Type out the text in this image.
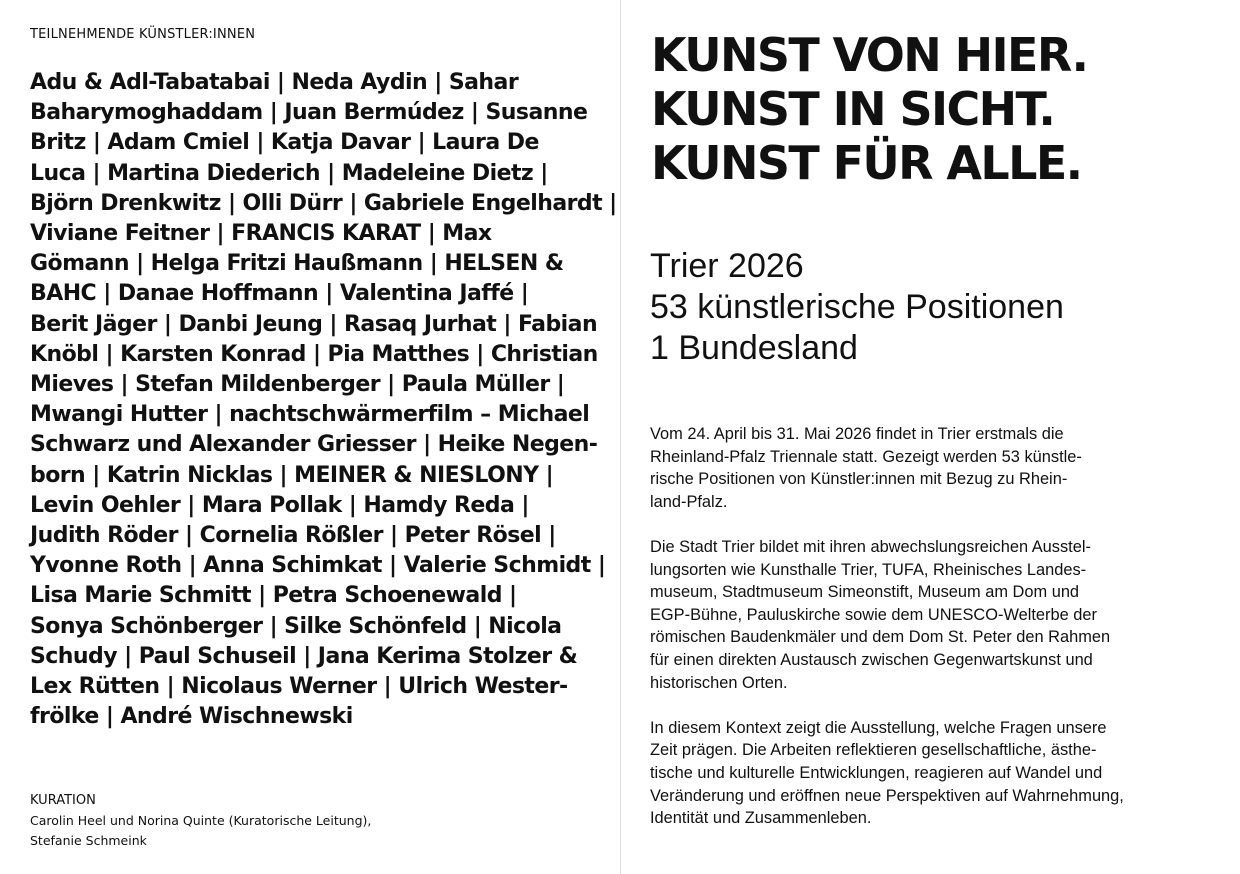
TEILNEHMENDE KÜNSTLER:INNEN
Adu & Adl-Tabatabai | Neda Aydin | Sahar
Baharymoghaddam | Juan Bermúdez | Susanne
Britz | Adam Cmiel | Katja Davar | Laura De
Luca | Martina Diederich | Madeleine Dietz |
Björn Drenkwitz | Olli Dürr | Gabriele Engelhardt |
Viviane Feitner | FRANCIS KARAT | Max
Gömann | Helga Fritzi Haußmann | HELSEN &
BAHC | Danae Hoffmann | Valentina Jaffé |
Berit Jäger | Danbi Jeung | Rasaq Jurhat | Fabian
Knöbl | Karsten Konrad | Pia Matthes | Christian
Mieves | Stefan Mildenberger | Paula Müller |
Mwangi Hutter | nachtschwärmerfilm – Michael
Schwarz und Alexander Griesser | Heike Negen-
born | Katrin Nicklas | MEINER & NIESLONY |
Levin Oehler | Mara Pollak | Hamdy Reda |
Judith Röder | Cornelia Rößler | Peter Rösel |
Yvonne Roth | Anna Schimkat | Valerie Schmidt |
Lisa Marie Schmitt | Petra Schoenewald |
Sonya Schönberger | Silke Schönfeld | Nicola
Schudy | Paul Schuseil | Jana Kerima Stolzer &
Lex Rütten | Nicolaus Werner | Ulrich Wester-
frölke | André Wischnewski
KURATION
Carolin Heel und Norina Quinte (Kuratorische Leitung),
Stefanie Schmeink
KUNST VON HIER.
KUNST IN SICHT.
KUNST FÜR ALLE.
Trier 2026
53 künstlerische Positionen
1 Bundesland

Vom 24. April bis 31. Mai 2026 findet in Trier erstmals die
Rheinland-Pfalz Triennale statt. Gezeigt werden 53 künstle-
rische Positionen von Künstler:innen mit Bezug zu Rhein-
land-Pfalz.

Die Stadt Trier bildet mit ihren abwechslungsreichen Ausstel-
lungsorten wie Kunsthalle Trier, TUFA, Rheinisches Landes-
museum, Stadtmuseum Simeonstift, Museum am Dom und
EGP-Bühne, Pauluskirche sowie dem UNESCO-Welterbe der
römischen Baudenkmäler und dem Dom St. Peter den Rahmen
für einen direkten Austausch zwischen Gegenwartskunst und
historischen Orten.

In diesem Kontext zeigt die Ausstellung, welche Fragen unsere
Zeit prägen. Die Arbeiten reflektieren gesellschaftliche, ästhe-
tische und kulturelle Entwicklungen, reagieren auf Wandel und
Veränderung und eröffnen neue Perspektiven auf Wahrnehmung,
Identität und Zusammenleben.
